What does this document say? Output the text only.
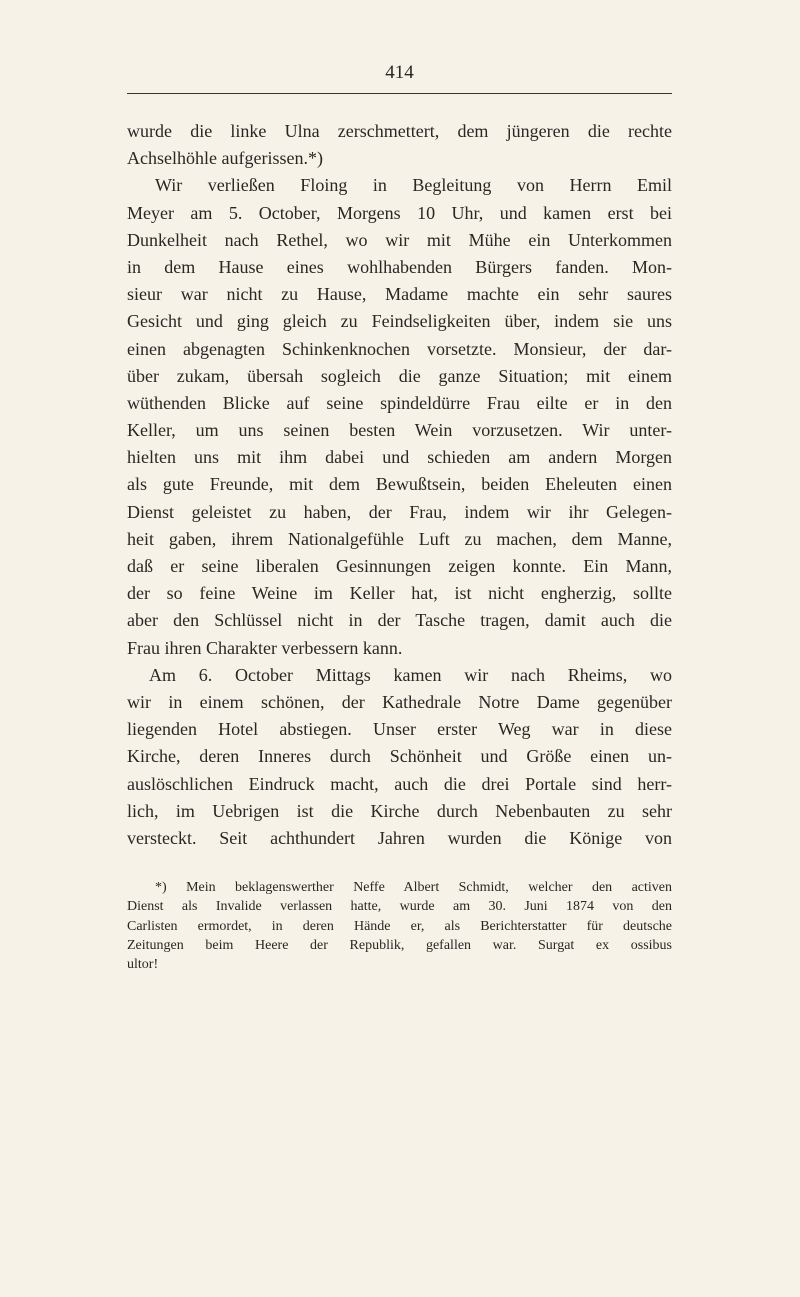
414
wurde die linke Ulna zerschmettert, dem jüngeren die rechte
Achselhöhle aufgerissen.*)
Wir verließen Floing in Begleitung von Herrn Emil
Meyer am 5. October, Morgens 10 Uhr, und kamen erst bei
Dunkelheit nach Rethel, wo wir mit Mühe ein Unterkommen
in dem Hause eines wohlhabenden Bürgers fanden. Mon-
sieur war nicht zu Hause, Madame machte ein sehr saures
Gesicht und ging gleich zu Feindseligkeiten über, indem sie uns
einen abgenagten Schinkenknochen vorsetzte. Monsieur, der dar-
über zukam, übersah sogleich die ganze Situation; mit einem
wüthenden Blicke auf seine spindeldürre Frau eilte er in den
Keller, um uns seinen besten Wein vorzusetzen. Wir unter-
hielten uns mit ihm dabei und schieden am andern Morgen
als gute Freunde, mit dem Bewußtsein, beiden Eheleuten einen
Dienst geleistet zu haben, der Frau, indem wir ihr Gelegen-
heit gaben, ihrem Nationalgefühle Luft zu machen, dem Manne,
daß er seine liberalen Gesinnungen zeigen konnte. Ein Mann,
der so feine Weine im Keller hat, ist nicht engherzig, sollte
aber den Schlüssel nicht in der Tasche tragen, damit auch die
Frau ihren Charakter verbessern kann.
Am 6. October Mittags kamen wir nach Rheims, wo
wir in einem schönen, der Kathedrale Notre Dame gegenüber
liegenden Hotel abstiegen. Unser erster Weg war in diese
Kirche, deren Inneres durch Schönheit und Größe einen un-
auslöschlichen Eindruck macht, auch die drei Portale sind herr-
lich, im Uebrigen ist die Kirche durch Nebenbauten zu sehr
versteckt. Seit achthundert Jahren wurden die Könige von
*) Mein beklagenswerther Neffe Albert Schmidt, welcher den activen
Dienst als Invalide verlassen hatte, wurde am 30. Juni 1874 von den
Carlisten ermordet, in deren Hände er, als Berichterstatter für deutsche
Zeitungen beim Heere der Republik, gefallen war. Surgat ex ossibus
ultor!
